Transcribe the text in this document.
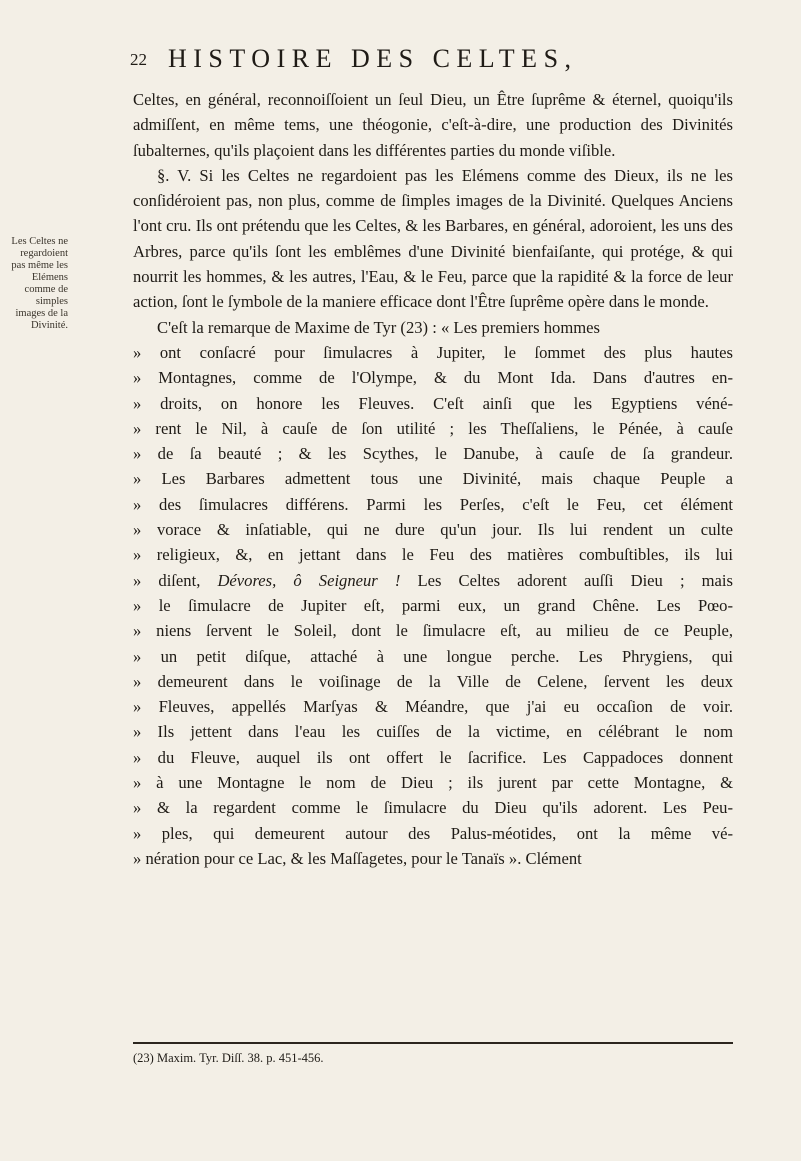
22 HISTOIRE DES CELTES,
Les Celtes ne regardoient pas même les Elémens comme de simples images de la Divinité.

Celtes, en général, reconnoiſſoient un ſeul Dieu, un Être ſuprême & éternel, quoiqu'ils admiſſent, en même tems, une théogonie, c'eſt-à-dire, une production des Divinités ſubalternes, qu'ils plaçoient dans les différentes parties du monde viſible.

§. V. Si les Celtes ne regardoient pas les Elémens comme des Dieux, ils ne les conſidéroient pas, non plus, comme de ſimples images de la Divinité. Quelques Anciens l'ont cru. Ils ont prétendu que les Celtes, & les Barbares, en général, adoroient, les uns des Arbres, parce qu'ils ſont les emblêmes d'une Divinité bienfaiſante, qui protége, & qui nourrit les hommes, & les autres, l'Eau, & le Feu, parce que la rapidité & la force de leur action, ſont le ſymbole de la maniere efficace dont l'Être ſuprême opère dans le monde.

C'eſt la remarque de Maxime de Tyr (23) : « Les premiers hommes

» ont conſacré pour ſimulacres à Jupiter, le ſommet des plus hautes
» Montagnes, comme de l'Olympe, & du Mont Ida. Dans d'autres en-
» droits, on honore les Fleuves. C'eſt ainſi que les Egyptiens véné-
» rent le Nil, à cauſe de ſon utilité ; les Theſſaliens, le Pénée, à cauſe
» de ſa beauté ; & les Scythes, le Danube, à cauſe de ſa grandeur.
» Les Barbares admettent tous une Divinité, mais chaque Peuple a
» des ſimulacres différens. Parmi les Perſes, c'eſt le Feu, cet élément
» vorace & inſatiable, qui ne dure qu'un jour. Ils lui rendent un culte
» religieux, &, en jettant dans le Feu des matières combuſtibles, ils lui
» diſent, Dévores, ô Seigneur ! Les Celtes adorent auſſi Dieu ; mais
» le ſimulacre de Jupiter eſt, parmi eux, un grand Chêne. Les Pœo-
» niens ſervent le Soleil, dont le ſimulacre eſt, au milieu de ce Peuple,
» un petit diſque, attaché à une longue perche. Les Phrygiens, qui
» demeurent dans le voiſinage de la Ville de Celene, ſervent les deux
» Fleuves, appellés Marſyas & Méandre, que j'ai eu occaſion de voir.
» Ils jettent dans l'eau les cuiſſes de la victime, en célébrant le nom
» du Fleuve, auquel ils ont offert le ſacrifice. Les Cappadoces donnent
» à une Montagne le nom de Dieu ; ils jurent par cette Montagne, &
» & la regardent comme le ſimulacre du Dieu qu'ils adorent. Les Peu-
» ples, qui demeurent autour des Palus-méotides, ont la même vé-
» nération pour ce Lac, & les Maſſagetes, pour le Tanaïs ». Clément
(23) Maxim. Tyr. Diſſ. 38. p. 451-456.
